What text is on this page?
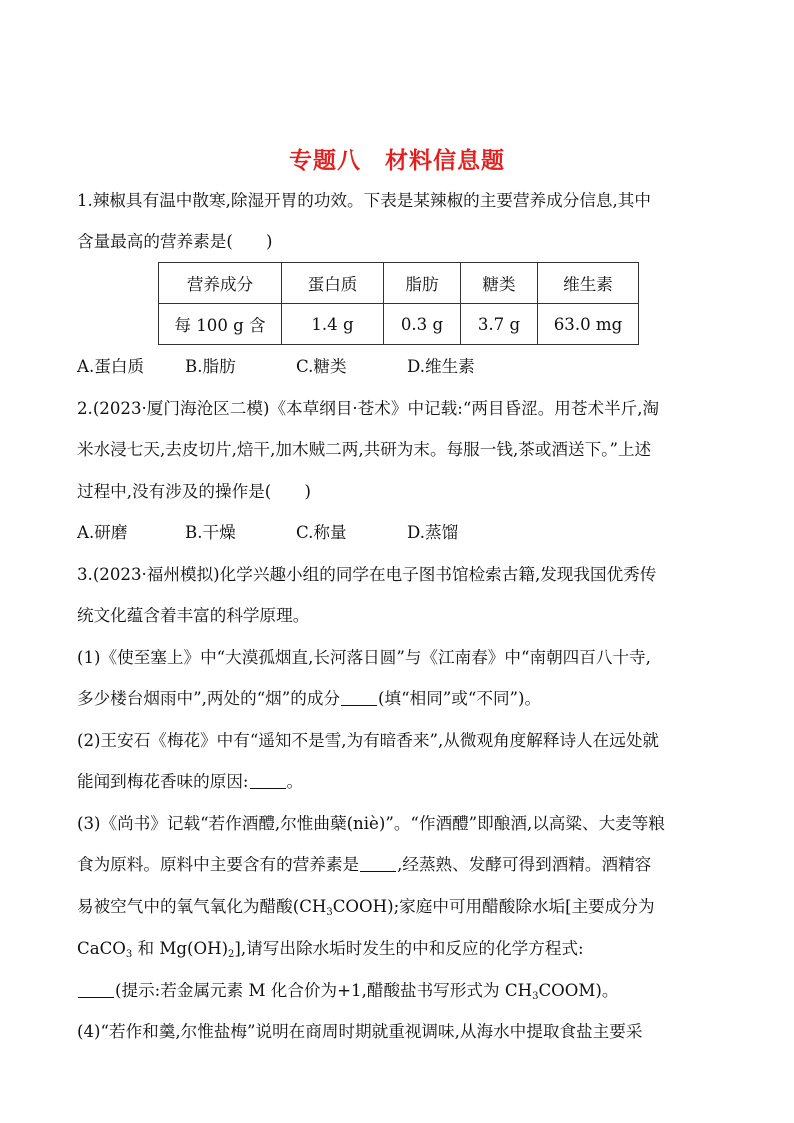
专题八　材料信息题
1.辣椒具有温中散寒,除湿开胃的功效。下表是某辣椒的主要营养成分信息,其中
含量最高的营养素是(　　)
营养成分	蛋白质	脂肪	糖类	维生素
每 100 g 含	1.4 g	0.3 g	3.7 g	63.0 mg
A.蛋白质 B.脂肪	C.糖类	D.维生素
2.(2023·厦门海沧区二模)《本草纲目·苍术》中记载:“两目昏涩。用苍术半斤,淘
米水浸七天,去皮切片,焙干,加木贼二两,共研为末。每服一钱,茶或酒送下。”上述
过程中,没有涉及的操作是(　　)
A.研磨	B.干燥	C.称量	D.蒸馏
3.(2023·福州模拟)化学兴趣小组的同学在电子图书馆检索古籍,发现我国优秀传
统文化蕴含着丰富的科学原理。
(1)《使至塞上》中“大漠孤烟直,长河落日圆”与《江南春》中“南朝四百八十寺,
多少楼台烟雨中”,两处的“烟”的成分 (填“相同”或“不同”)。
(2)王安石《梅花》中有“遥知不是雪,为有暗香来”,从微观角度解释诗人在远处就
能闻到梅花香味的原因: 。
(3)《尚书》记载“若作酒醴,尔惟曲蘖(niè)”。“作酒醴”即酿酒,以高粱、大麦等粮
食为原料。原料中主要含有的营养素是 ,经蒸熟、发酵可得到酒精。酒精容
易被空气中的氧气氧化为醋酸$(CH_3COOH)$;家庭中可用醋酸除水垢[主要成分为
CaCO$_3$ 和 $Mg(OH)_2$],请写出除水垢时发生的中和反应的化学方程式:
(提示:若金属元素 M 化合价为+1,醋酸盐书写形式为 $CH_3COOM$)。
(4)“若作和羹,尔惟盐梅”说明在商周时期就重视调味,从海水中提取食盐主要采
